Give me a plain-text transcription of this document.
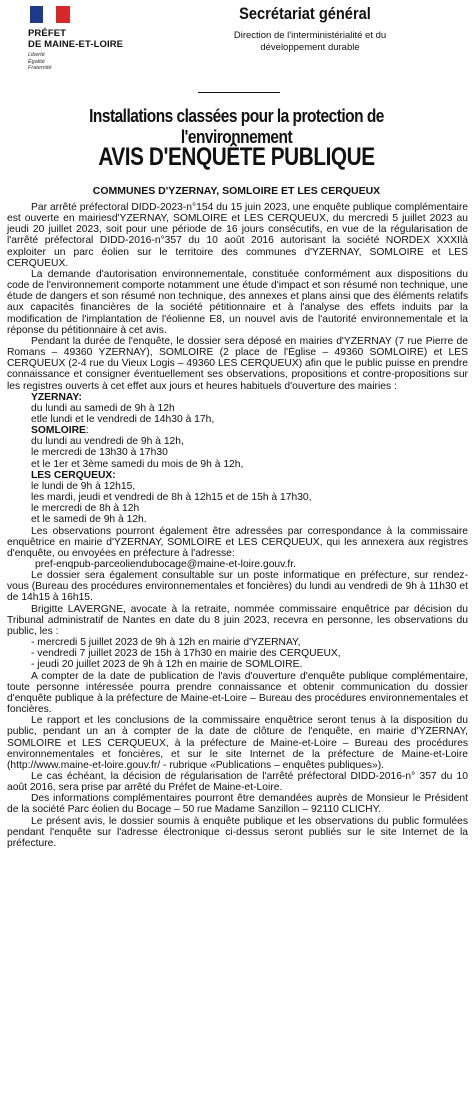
PRÉFET
DE MAINE-ET-LOIRE
Liberté
Égalité
Fraternité
Secrétariat général
Direction de l'interministérialité et du
développement durable
Installations classées pour la protection de l'environnement
AVIS D'ENQUÊTE PUBLIQUE
COMMUNES D'YZERNAY, SOMLOIRE ET LES CERQUEUX

Par arrêté préfectoral DIDD-2023-n°154 du 15 juin 2023, une enquête publique complémentaire est ouverte en mairiesd'YZERNAY, SOMLOIRE et LES CERQUEUX, du mercredi 5 juillet 2023 au jeudi 20 juillet 2023, soit pour une période de 16 jours consécutifs, en vue de la régularisation de l'arrêté préfectoral DIDD-2016-n°357 du 10 août 2016 autorisant la société NORDEX XXXIlà exploiter un parc éolien sur le territoire des communes d'YZERNAY, SOMLOIRE et LES CERQUEUX.

La demande d'autorisation environnementale, constituée conformément aux dispositions du code de l'environnement comporte notamment une étude d'impact et son résumé non technique, une étude de dangers et son résumé non technique, des annexes et plans ainsi que des éléments relatifs aux capacités financières de la société pétitionnaire et à l'analyse des effets induits par la modification de l'implantation de l'éolienne E8, un nouvel avis de l'autorité environnementale et la réponse du pétitionnaire à cet avis.

Pendant la durée de l'enquête, le dossier sera déposé en mairies d'YZERNAY (7 rue Pierre de Romans – 49360 YZERNAY), SOMLOIRE (2 place de l'Église – 49360 SOMLOIRE) et LES CERQUEUX (2-4 rue du Vieux Logis – 49360 LES CERQUEUX) afin que le public puisse en prendre connaissance et consigner éventuellement ses observations, propositions et contre-propositions sur les registres ouverts à cet effet aux jours et heures habituels d'ouverture des mairies :

YZERNAY:
du lundi au samedi de 9h à 12h
etle lundi et le vendredi de 14h30 à 17h,
SOMLOIRE:
du lundi au vendredi de 9h à 12h,
le mercredi de 13h30 à 17h30
et le 1er et 3ème samedi du mois de 9h à 12h,
LES CERQUEUX:
le lundi de 9h à 12h15,
les mardi, jeudi et vendredi de 8h à 12h15 et de 15h à 17h30,
le mercredi de 8h à 12h
et le samedi de 9h à 12h.

Les observations pourront également être adressées par correspondance à la commissaire enquêtrice en mairie d'YZERNAY, SOMLOIRE et LES CERQUEUX, qui les annexera aux registres d'enquête, ou envoyées en préfecture à l'adresse:

pref-enqpub-parceoliendubocage@maine-et-loire.gouv.fr.

Le dossier sera également consultable sur un poste informatique en préfecture, sur rendez-vous (Bureau des procédures environnementales et foncières) du lundi au vendredi de 9h à 11h30 et de 14h15 à 16h15.

Brigitte LAVERGNE, avocate à la retraite, nommée commissaire enquêtrice par décision du Tribunal administratif de Nantes en date du 8 juin 2023, recevra en personne, les observations du public, les :

- mercredi 5 juillet 2023 de 9h à 12h en mairie d'YZERNAY,
- vendredi 7 juillet 2023 de 15h à 17h30 en mairie des CERQUEUX,
- jeudi 20 juillet 2023 de 9h à 12h en mairie de SOMLOIRE.

A compter de la date de publication de l'avis d'ouverture d'enquête publique complémentaire, toute personne intéressée pourra prendre connaissance et obtenir communication du dossier d'enquête publique à la préfecture de Maine-et-Loire – Bureau des procédures environnementales et foncières.

Le rapport et les conclusions de la commissaire enquêtrice seront tenus à la disposition du public, pendant un an à compter de la date de clôture de l'enquête, en mairie d'YZERNAY, SOMLOIRE et LES CERQUEUX, à la préfecture de Maine-et-Loire – Bureau des procédures environnementales et foncières, et sur le site Internet de la préfecture de Maine-et-Loire (http://www.maine-et-loire.gouv.fr/ - rubrique «Publications – enquêtes publiques»).

Le cas échéant, la décision de régularisation de l'arrêté préfectoral DIDD-2016-n° 357 du 10 août 2016, sera prise par arrêté du Préfet de Maine-et-Loire.

Des informations complémentaires pourront être demandées auprès de Monsieur le Président de la société Parc éolien du Bocage – 50 rue Madame Sanzillon – 92110 CLICHY.

Le présent avis, le dossier soumis à enquête publique et les observations du public formulées pendant l'enquête sur l'adresse électronique ci-dessus seront publiés sur le site Internet de la préfecture.
